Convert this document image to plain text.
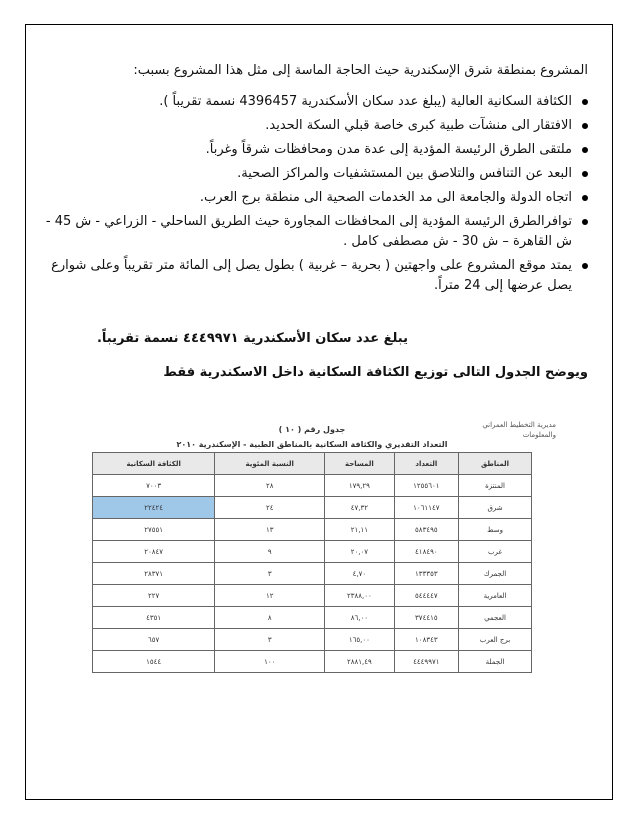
المشروع بمنطقة شرق الإسكندرية حيث الحاجة الماسة إلى مثل هذا المشروع بسبب:

الكثافة السكانية العالية (يبلغ عدد سكان الأسكندرية 4396457 نسمة تقريباً ).
الافتقار الى منشآت طبية كبرى خاصة قبلي السكة الحديد.
ملتقى الطرق الرئيسة المؤدية إلى عدة مدن ومحافظات شرقاً وغرباً.
البعد عن التنافس والتلاصق بين المستشفيات والمراكز الصحية.
اتجاه الدولة والجامعة الى مد الخدمات الصحية الى منطقة برج العرب.
توافرالطرق الرئيسة المؤدية إلى المحافظات المجاورة حيث الطريق الساحلي - الزراعي - ش 45 - ش القاهرة – ش 30 - ش مصطفى كامل .
يمتد موقع المشروع على واجهتين ( بحرية – غربية ) بطول يصل إلى المائة متر تقريباً وعلى شوارع يصل عرضها إلى 24 متراً.

يبلغ عدد سكان الأسكندرية ٤٤٤٩٩٧١ نسمة تقريباً.

ويوضح الجدول التالى توزيع الكثافة السكانية داخل الاسكندرية فقط

مديرية التخطيط العمراني والمعلومات
جدول رقم ( ١٠ )
التعداد التقديري والكثافة السكانية بالمناطق الطبية - الإسكندرية ٢٠١٠
المناطق	التعداد	المساحة	النسبة المئوية	الكثافة السكانية
المنتزة	١٢٥٥٦٠١	١٧٩,٢٩	٢٨	٧٠٠٣
شرق	١٠٦١١٤٧	٤٧,٣٢	٢٤	٢٢٤٢٤
وسط	٥٨٣٤٩٥	٢١,١١	١٣	٢٧٥٥١
غرب	٤١٨٤٩٠	٢٠,٠٧	٩	٢٠٨٤٧
الجمرك	١٣٣٣٥٣	٤,٧٠	٣	٢٨٣٧١
العامرية	٥٤٤٤٤٧	٢٣٨٨,٠٠	١٢	٢٢٧
العجمي	٣٧٤٤١٥	٨٦,٠٠	٨	٤٣٥١
برج العرب	١٠٨٣٤٣	١٦٥,٠٠	٣	٦٥٧
الجملة	٤٤٤٩٩٧١	٢٨٨١,٤٩	١٠٠	١٥٤٤
